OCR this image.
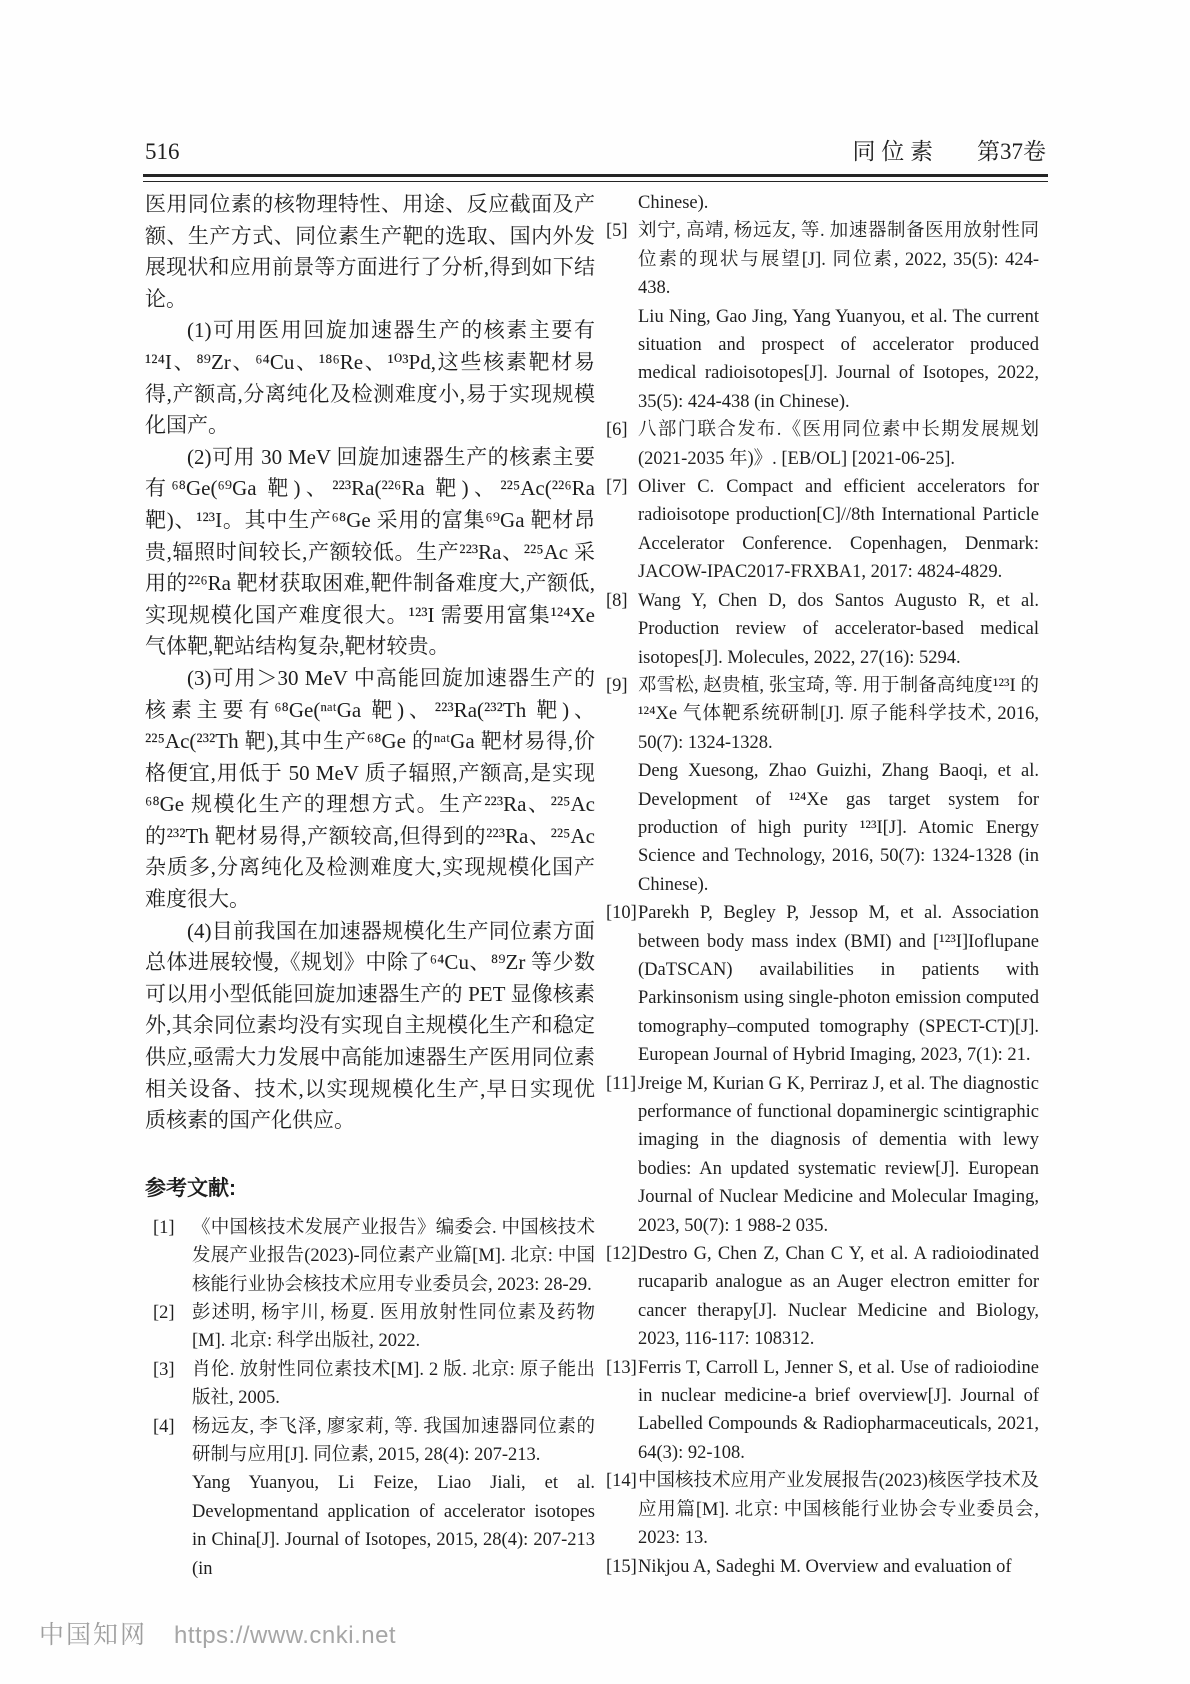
516	同 位 素 第37卷

医用同位素的核物理特性、用途、反应截面及产额、生产方式、同位素生产靶的选取、国内外发展现状和应用前景等方面进行了分析,得到如下结论。

(1)可用医用回旋加速器生产的核素主要有¹²⁴I、⁸⁹Zr、⁶⁴Cu、¹⁸⁶Re、¹⁰³Pd,这些核素靶材易得,产额高,分离纯化及检测难度小,易于实现规模化国产。

(2)可用 30 MeV 回旋加速器生产的核素主要有⁶⁸Ge(⁶⁹Ga 靶)、²²³Ra(²²⁶Ra 靶)、²²⁵Ac(²²⁶Ra 靶)、¹²³I。其中生产⁶⁸Ge 采用的富集⁶⁹Ga 靶材昂贵,辐照时间较长,产额较低。生产²²³Ra、²²⁵Ac 采用的²²⁶Ra 靶材获取困难,靶件制备难度大,产额低,实现规模化国产难度很大。¹²³I 需要用富集¹²⁴Xe 气体靶,靶站结构复杂,靶材较贵。

(3)可用＞30 MeV 中高能回旋加速器生产的核素主要有⁶⁸Ge(ⁿᵃᵗGa 靶)、²²³Ra(²³²Th 靶)、²²⁵Ac(²³²Th 靶),其中生产⁶⁸Ge 的ⁿᵃᵗGa 靶材易得,价格便宜,用低于 50 MeV 质子辐照,产额高,是实现⁶⁸Ge 规模化生产的理想方式。生产²²³Ra、²²⁵Ac 的²³²Th 靶材易得,产额较高,但得到的²²³Ra、²²⁵Ac 杂质多,分离纯化及检测难度大,实现规模化国产难度很大。

(4)目前我国在加速器规模化生产同位素方面总体进展较慢,《规划》中除了⁶⁴Cu、⁸⁹Zr 等少数可以用小型低能回旋加速器生产的 PET 显像核素外,其余同位素均没有实现自主规模化生产和稳定供应,亟需大力发展中高能加速器生产医用同位素相关设备、技术,以实现规模化生产,早日实现优质核素的国产化供应。

参考文献:
[1] 《中国核技术发展产业报告》编委会. 中国核技术发展产业报告(2023)-同位素产业篇[M]. 北京: 中国核能行业协会核技术应用专业委员会, 2023: 28-29.

[2] 彭述明, 杨宇川, 杨夏. 医用放射性同位素及药物[M]. 北京: 科学出版社, 2022.

[3] 肖伦. 放射性同位素技术[M]. 2 版. 北京: 原子能出版社, 2005.

[4] 杨远友, 李飞泽, 廖家莉, 等. 我国加速器同位素的研制与应用[J]. 同位素, 2015, 28(4): 207-213.

Yang Yuanyou, Li Feize, Liao Jiali, et al. Developmentand application of accelerator isotopes in China[J]. Journal of Isotopes, 2015, 28(4): 207-213 (in

Chinese).

[5] 刘宁, 高靖, 杨远友, 等. 加速器制备医用放射性同位素的现状与展望[J]. 同位素, 2022, 35(5): 424-438.

Liu Ning, Gao Jing, Yang Yuanyou, et al. The current situation and prospect of accelerator produced medical radioisotopes[J]. Journal of Isotopes, 2022, 35(5): 424-438 (in Chinese).

[6] 八部门联合发布.《医用同位素中长期发展规划(2021-2035 年)》. [EB/OL] [2021-06-25].

[7] Oliver C. Compact and efficient accelerators for radioisotope production[C]//8th International Particle Accelerator Conference. Copenhagen, Denmark: JACOW-IPAC2017-FRXBA1, 2017: 4824-4829.

[8] Wang Y, Chen D, dos Santos Augusto R, et al. Production review of accelerator-based medical isotopes[J]. Molecules, 2022, 27(16): 5294.

[9] 邓雪松, 赵贵植, 张宝琦, 等. 用于制备高纯度¹²³I 的¹²⁴Xe 气体靶系统研制[J]. 原子能科学技术, 2016, 50(7): 1324-1328.

Deng Xuesong, Zhao Guizhi, Zhang Baoqi, et al. Development of ¹²⁴Xe gas target system for production of high purity ¹²³I[J]. Atomic Energy Science and Technology, 2016, 50(7): 1324-1328 (in Chinese).

[10] Parekh P, Begley P, Jessop M, et al. Association between body mass index (BMI) and [¹²³I]Ioflupane (DaTSCAN) availabilities in patients with Parkinsonism using single-photon emission computed tomography–computed tomography (SPECT-CT)[J]. European Journal of Hybrid Imaging, 2023, 7(1): 21.

[11] Jreige M, Kurian G K, Perriraz J, et al. The diagnostic performance of functional dopaminergic scintigraphic imaging in the diagnosis of dementia with lewy bodies: An updated systematic review[J]. European Journal of Nuclear Medicine and Molecular Imaging, 2023, 50(7): 1 988-2 035.

[12] Destro G, Chen Z, Chan C Y, et al. A radioiodinated rucaparib analogue as an Auger electron emitter for cancer therapy[J]. Nuclear Medicine and Biology, 2023, 116-117: 108312.

[13] Ferris T, Carroll L, Jenner S, et al. Use of radioiodine in nuclear medicine-a brief overview[J]. Journal of Labelled Compounds & Radiopharmaceuticals, 2021, 64(3): 92-108.

[14] 中国核技术应用产业发展报告(2023)核医学技术及应用篇[M]. 北京: 中国核能行业协会专业委员会, 2023: 13.

[15] Nikjou A, Sadeghi M. Overview and evaluation of

中国知网 https://www.cnki.net
